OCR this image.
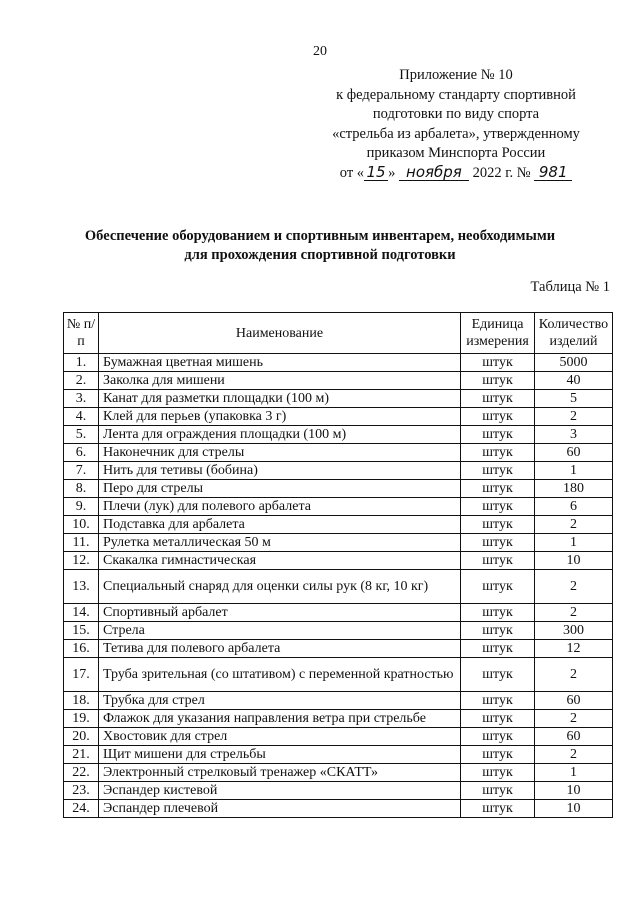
20
Приложение № 10
к федеральному стандарту спортивной
подготовки по виду спорта
«стрельба из арбалета», утвержденному
приказом Минспорта России
от « 15 » ноября 2022 г. № 981
Обеспечение оборудованием и спортивным инвентарем, необходимыми
для прохождения спортивной подготовки
Таблица № 1
№ п/п	Наименование	Единица измерения	Количество изделий
1.	Бумажная цветная мишень	штук	5000
2.	Заколка для мишени	штук	40
3.	Канат для разметки площадки (100 м)	штук	5
4.	Клей для перьев (упаковка 3 г)	штук	2
5.	Лента для ограждения площадки (100 м)	штук	3
6.	Наконечник для стрелы	штук	60
7.	Нить для тетивы (бобина)	штук	1
8.	Перо для стрелы	штук	180
9.	Плечи (лук) для полевого арбалета	штук	6
10.	Подставка для арбалета	штук	2
11.	Рулетка металлическая 50 м	штук	1
12.	Скакалка гимнастическая	штук	10
13.	Специальный снаряд для оценки силы рук (8 кг, 10 кг)	штук	2
14.	Спортивный арбалет	штук	2
15.	Стрела	штук	300
16.	Тетива для полевого арбалета	штук	12
17.	Труба зрительная (со штативом) с переменной кратностью	штук	2
18.	Трубка для стрел	штук	60
19.	Флажок для указания направления ветра при стрельбе	штук	2
20.	Хвостовик для стрел	штук	60
21.	Щит мишени для стрельбы	штук	2
22.	Электронный стрелковый тренажер «СКАТТ»	штук	1
23.	Эспандер кистевой	штук	10
24.	Эспандер плечевой	штук	10
